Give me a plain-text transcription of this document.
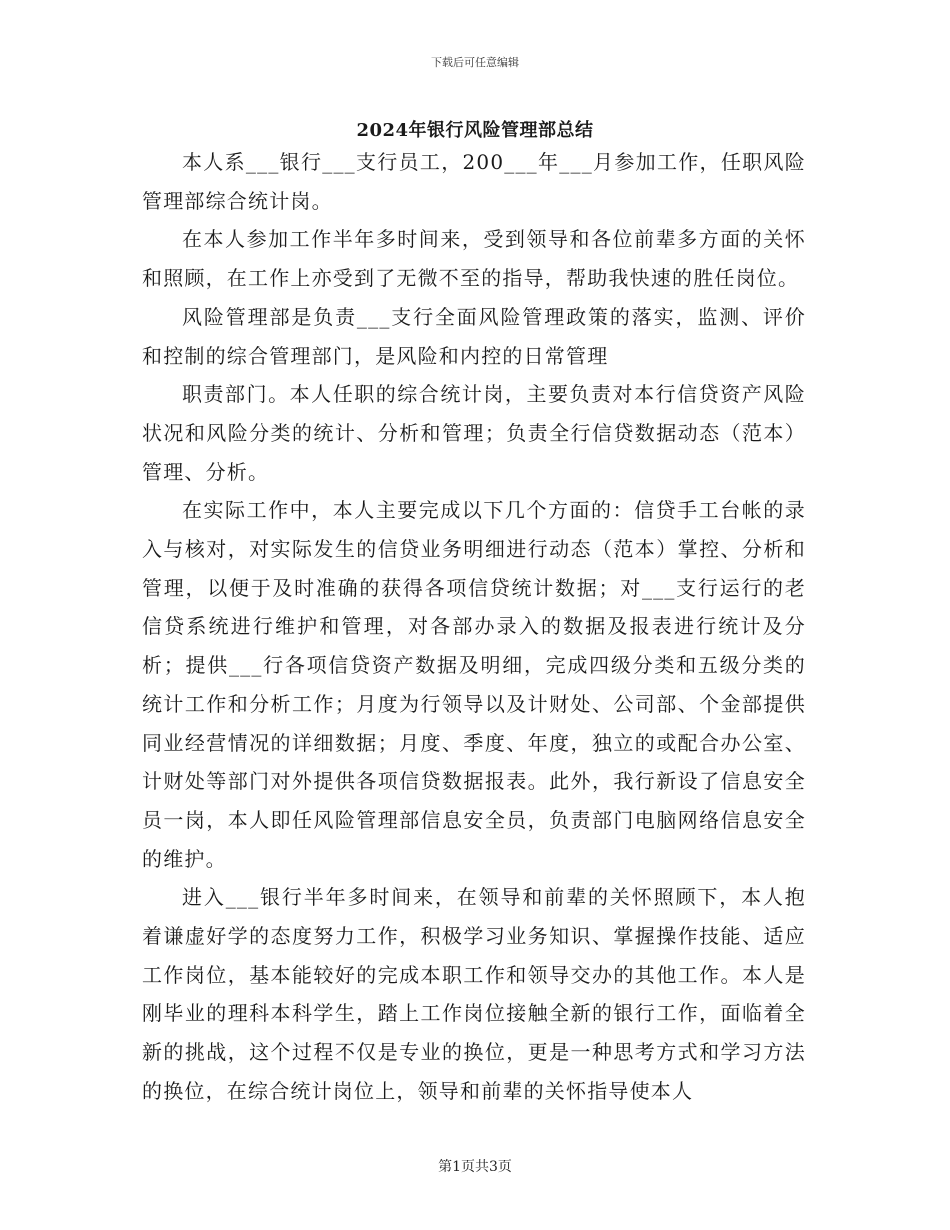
下载后可任意编辑
2024年银行风险管理部总结

本人系___银行___支行员工，200___年___月参加工作，任职风险管理部综合统计岗。

在本人参加工作半年多时间来，受到领导和各位前辈多方面的关怀和照顾，在工作上亦受到了无微不至的指导，帮助我快速的胜任岗位。

风险管理部是负责___支行全面风险管理政策的落实，监测、评价和控制的综合管理部门，是风险和内控的日常管理

职责部门。本人任职的综合统计岗，主要负责对本行信贷资产风险状况和风险分类的统计、分析和管理；负责全行信贷数据动态（范本）管理、分析。

在实际工作中，本人主要完成以下几个方面的：信贷手工台帐的录入与核对，对实际发生的信贷业务明细进行动态（范本）掌控、分析和管理，以便于及时准确的获得各项信贷统计数据；对___支行运行的老信贷系统进行维护和管理，对各部办录入的数据及报表进行统计及分析；提供___行各项信贷资产数据及明细，完成四级分类和五级分类的统计工作和分析工作；月度为行领导以及计财处、公司部、个金部提供同业经营情况的详细数据；月度、季度、年度，独立的或配合办公室、计财处等部门对外提供各项信贷数据报表。此外，我行新设了信息安全员一岗，本人即任风险管理部信息安全员，负责部门电脑网络信息安全的维护。

进入___银行半年多时间来，在领导和前辈的关怀照顾下，本人抱着谦虚好学的态度努力工作，积极学习业务知识、掌握操作技能、适应工作岗位，基本能较好的完成本职工作和领导交办的其他工作。本人是刚毕业的理科本科学生，踏上工作岗位接触全新的银行工作，面临着全新的挑战，这个过程不仅是专业的换位，更是一种思考方式和学习方法的换位，在综合统计岗位上，领导和前辈的关怀指导使本人

第1页共3页
